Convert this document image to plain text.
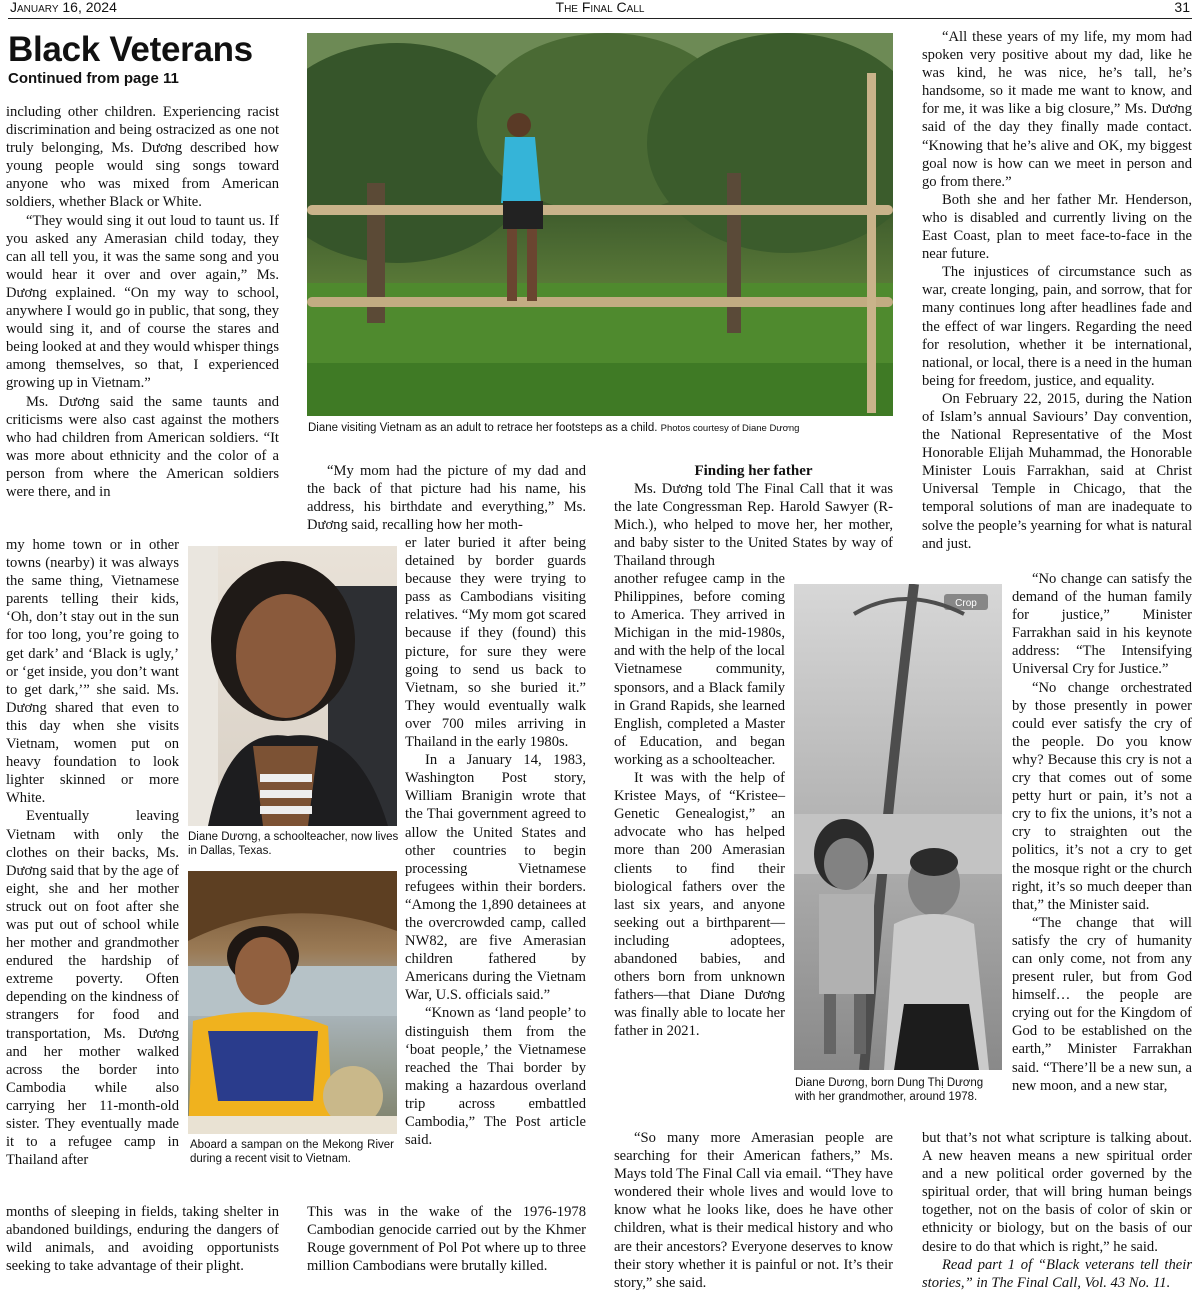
January 16, 2024	The Final Call	31
Black Veterans
Continued from page 11

including other children. Experiencing racist discrimination and being ostracized as one not truly belonging, Ms. Dương described how young people would sing songs toward anyone who was mixed from American soldiers, whether Black or White.

“They would sing it out loud to taunt us. If you asked any Amerasian child today, they can all tell you, it was the same song and you would hear it over and over again,” Ms. Dương explained. “On my way to school, anywhere I would go in public, that song, they would sing it, and of course the stares and being looked at and they would whisper things among themselves, so that, I experienced growing up in Vietnam.”

Ms. Dương said the same taunts and criticisms were also cast against the mothers who had children from American soldiers. “It was more about ethnicity and the color of a person from where the American soldiers were there, and in

my home town or in other towns (nearby) it was always the same thing, Vietnamese parents telling their kids, ‘Oh, don’t stay out in the sun for too long, you’re going to get dark’ and ‘Black is ugly,’ or ‘get inside, you don’t want to get dark,’” she said. Ms. Dương shared that even to this day when she visits Vietnam, women put on heavy foundation to look lighter skinned or more White.

Eventually leaving Vietnam with only the clothes on their backs, Ms. Dương said that by the age of eight, she and her mother struck out on foot after she was put out of school while her mother and grandmother endured the hardship of extreme poverty. Often depending on the kindness of strangers for food and transportation, Ms. Dương and her mother walked across the border into Cambodia while also carrying her 11-month-old sister. They eventually made it to a refugee camp in Thailand after

months of sleeping in fields, taking shelter in abandoned buildings, enduring the dangers of wild animals, and avoiding opportunists seeking to take advantage of their plight.

Diane visiting Vietnam as an adult to retrace her footsteps as a child. Photos courtesy of Diane Dương
Diane Dương, a schoolteacher, now lives in Dallas, Texas.
Aboard a sampan on the Mekong River during a recent visit to Vietnam.

“My mom had the picture of my dad and the back of that picture had his name, his address, his birthdate and everything,” Ms. Dương said, recalling how her moth-

er later buried it after being detained by border guards because they were trying to pass as Cambodians visiting relatives. “My mom got scared because if they (found) this picture, for sure they were going to send us back to Vietnam, so she buried it.” They would eventually walk over 700 miles arriving in Thailand in the early 1980s.

In a January 14, 1983, Washington Post story, William Branigin wrote that the Thai government agreed to allow the United States and other countries to begin processing Vietnamese refugees within their borders. “Among the 1,890 detainees at the overcrowded camp, called NW82, are five Amerasian children fathered by Americans during the Vietnam War, U.S. officials said.”

“Known as ‘land people’ to distinguish them from the ‘boat people,’ the Vietnamese reached the Thai border by making a hazardous overland trip across embattled Cambodia,” The Post article said.

This was in the wake of the 1976-1978 Cambodian genocide carried out by the Khmer Rouge government of Pol Pot where up to three million Cambodians were brutally killed.

Finding her father

Ms. Dương told The Final Call that it was the late Congressman Rep. Harold Sawyer (R-Mich.), who helped to move her, her mother, and baby sister to the United States by way of Thailand through

another refugee camp in the Philippines, before coming to America. They arrived in Michigan in the mid-1980s, and with the help of the local Vietnamese community, sponsors, and a Black family in Grand Rapids, she learned English, completed a Master of Education, and began working as a schoolteacher.

It was with the help of Kristee Mays, of “Kristee–Genetic Genealogist,” an advocate who has helped more than 200 Amerasian clients to find their biological fathers over the last six years, and anyone seeking out a birthparent—including adoptees, abandoned babies, and others born from unknown fathers—that Diane Dương was finally able to locate her father in 2021.

“So many more Amerasian people are searching for their American fathers,” Ms. Mays told The Final Call via email. “They have wondered their whole lives and would love to know what he looks like, does he have other children, what is their medical history and who are their ancestors? Everyone deserves to know their story whether it is painful or not. It’s their story,” she said.

Crop
Diane Dương, born Dung Thị Dương with her grandmother, around 1978.

“All these years of my life, my mom had spoken very positive about my dad, like he was kind, he was nice, he’s tall, he’s handsome, so it made me want to know, and for me, it was like a big closure,” Ms. Dương said of the day they finally made contact. “Knowing that he’s alive and OK, my biggest goal now is how can we meet in person and go from there.”

Both she and her father Mr. Henderson, who is disabled and currently living on the East Coast, plan to meet face-to-face in the near future.

The injustices of circumstance such as war, create longing, pain, and sorrow, that for many continues long after headlines fade and the effect of war lingers. Regarding the need for resolution, whether it be international, national, or local, there is a need in the human being for freedom, justice, and equality.

On February 22, 2015, during the Nation of Islam’s annual Saviours’ Day convention, the National Representative of the Most Honorable Elijah Muhammad, the Honorable Minister Louis Farrakhan, said at Christ Universal Temple in Chicago, that the temporal solutions of man are inadequate to solve the people’s yearning for what is natural and just.

“No change can satisfy the demand of the human family for justice,” Minister Farrakhan said in his keynote address: “The Intensifying Universal Cry for Justice.”

“No change orchestrated by those presently in power could ever satisfy the cry of the people. Do you know why? Because this cry is not a cry that comes out of some petty hurt or pain, it’s not a cry to fix the unions, it’s not a cry to straighten out the politics, it’s not a cry to get the mosque right or the church right, it’s so much deeper than that,” the Minister said.

“The change that will satisfy the cry of humanity can only come, not from any present ruler, but from God himself… the people are crying out for the Kingdom of God to be established on the earth,” Minister Farrakhan said. “There’ll be a new sun, a new moon, and a new star,

but that’s not what scripture is talking about. A new heaven means a new spiritual order and a new political order governed by the spiritual order, that will bring human beings together, not on the basis of color of skin or ethnicity or biology, but on the basis of our desire to do that which is right,” he said.

Read part 1 of “Black veterans tell their stories,” in The Final Call, Vol. 43 No. 11.
